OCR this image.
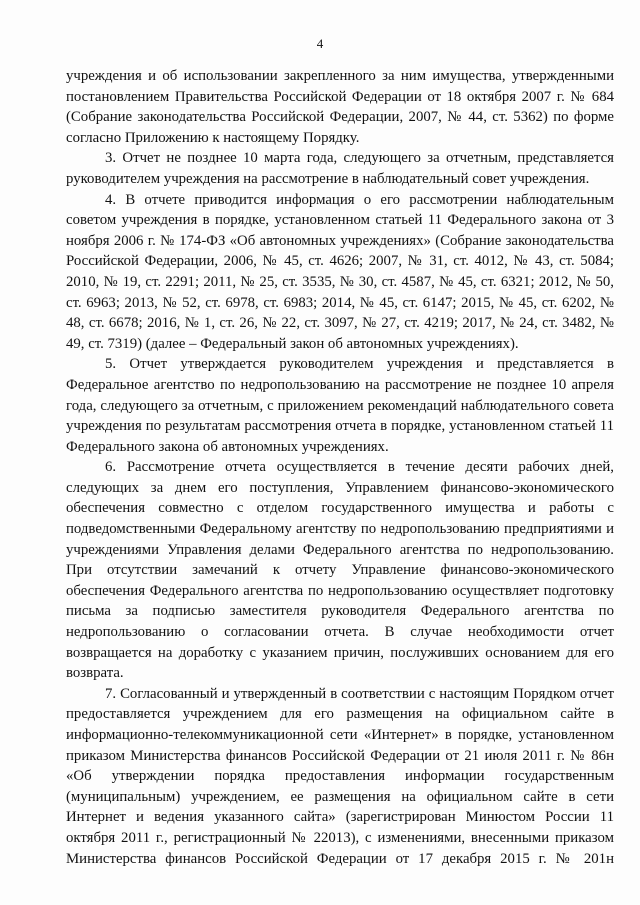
4

учреждения и об использовании закрепленного за ним имущества, утвержденными постановлением Правительства Российской Федерации от 18 октября 2007 г. № 684 (Собрание законодательства Российской Федерации, 2007, № 44, ст. 5362) по форме согласно Приложению к настоящему Порядку.

3. Отчет не позднее 10 марта года, следующего за отчетным, представляется руководителем учреждения на рассмотрение в наблюдательный совет учреждения.

4. В отчете приводится информация о его рассмотрении наблюдательным советом учреждения в порядке, установленном статьей 11 Федерального закона от 3 ноября 2006 г. № 174-ФЗ «Об автономных учреждениях» (Собрание законодательства Российской Федерации, 2006, № 45, ст. 4626; 2007, № 31, ст. 4012, № 43, ст. 5084; 2010, № 19, ст. 2291; 2011, № 25, ст. 3535, № 30, ст. 4587, № 45, ст. 6321; 2012, № 50, ст. 6963; 2013, № 52, ст. 6978, ст. 6983; 2014, № 45, ст. 6147; 2015, № 45, ст. 6202, № 48, ст. 6678; 2016, № 1, ст. 26, № 22, ст. 3097, № 27, ст. 4219; 2017, № 24, ст. 3482, № 49, ст. 7319) (далее – Федеральный закон об автономных учреждениях).

5. Отчет утверждается руководителем учреждения и представляется в Федеральное агентство по недропользованию на рассмотрение не позднее 10 апреля года, следующего за отчетным, с приложением рекомендаций наблюдательного совета учреждения по результатам рассмотрения отчета в порядке, установленном статьей 11 Федерального закона об автономных учреждениях.

6. Рассмотрение отчета осуществляется в течение десяти рабочих дней, следующих за днем его поступления, Управлением финансово-экономического обеспечения совместно с отделом государственного имущества и работы с подведомственными Федеральному агентству по недропользованию предприятиями и учреждениями Управления делами Федерального агентства по недропользованию. При отсутствии замечаний к отчету Управление финансово-экономического обеспечения Федерального агентства по недропользованию осуществляет подготовку письма за подписью заместителя руководителя Федерального агентства по недропользованию о согласовании отчета. В случае необходимости отчет возвращается на доработку с указанием причин, послуживших основанием для его возврата.

7. Согласованный и утвержденный в соответствии с настоящим Порядком отчет предоставляется учреждением для его размещения на официальном сайте в информационно-телекоммуникационной сети «Интернет» в порядке, установленном приказом Министерства финансов Российской Федерации от 21 июля 2011 г. № 86н «Об утверждении порядка предоставления информации государственным (муниципальным) учреждением, ее размещения на официальном сайте в сети Интернет и ведения указанного сайта» (зарегистрирован Минюстом России 11 октября 2011 г., регистрационный № 22013), с изменениями, внесенными приказом Министерства финансов Российской Федерации от 17 декабря 2015 г. № 201н
